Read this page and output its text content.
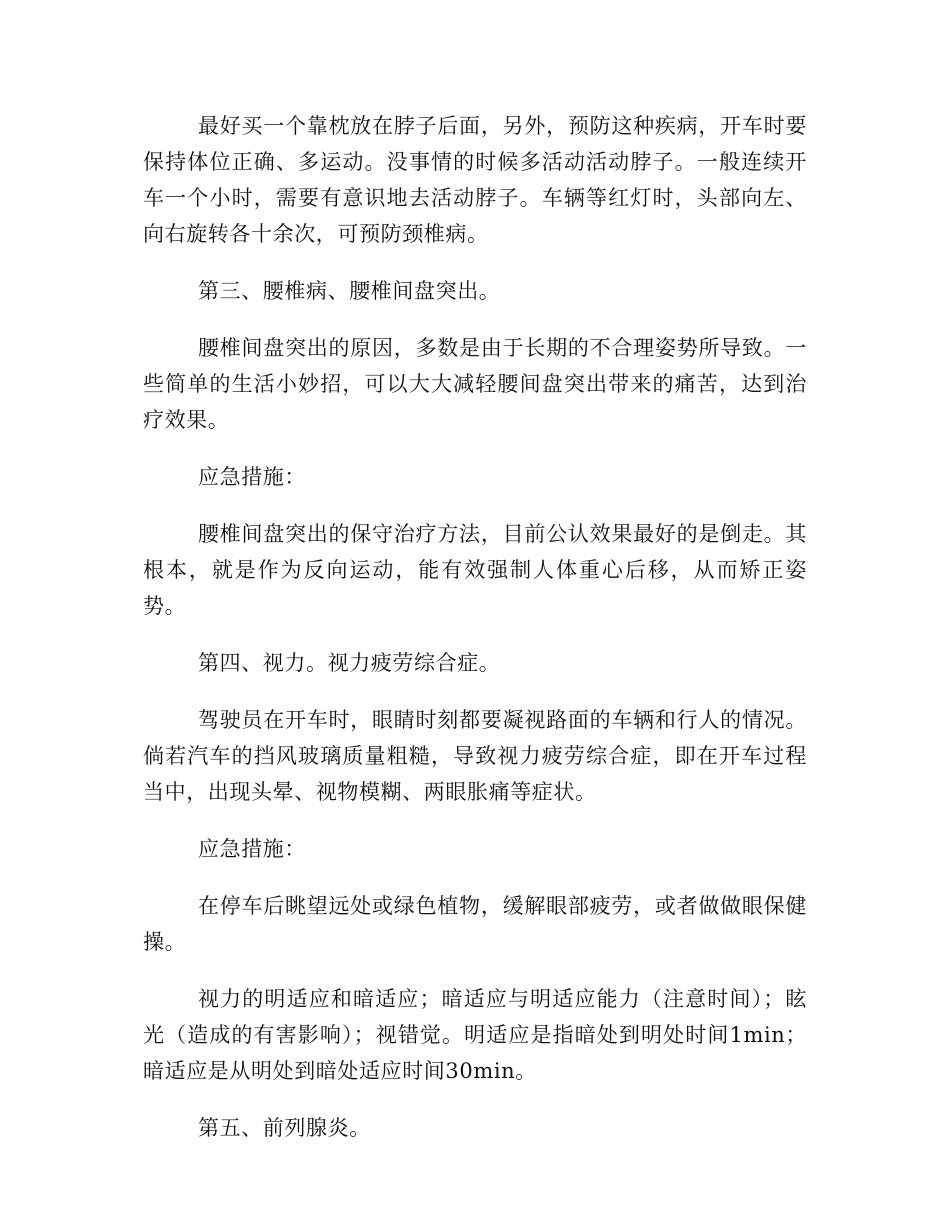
最好买一个靠枕放在脖子后面，另外，预防这种疾病，开车时要保持体位正确、多运动。没事情的时候多活动活动脖子。一般连续开车一个小时，需要有意识地去活动脖子。车辆等红灯时，头部向左、向右旋转各十余次，可预防颈椎病。

第三、腰椎病、腰椎间盘突出。

腰椎间盘突出的原因，多数是由于长期的不合理姿势所导致。一些简单的生活小妙招，可以大大减轻腰间盘突出带来的痛苦，达到治疗效果。

应急措施：

腰椎间盘突出的保守治疗方法，目前公认效果最好的是倒走。其根本，就是作为反向运动，能有效强制人体重心后移，从而矫正姿势。

第四、视力。视力疲劳综合症。

驾驶员在开车时，眼睛时刻都要凝视路面的车辆和行人的情况。倘若汽车的挡风玻璃质量粗糙，导致视力疲劳综合症，即在开车过程当中，出现头晕、视物模糊、两眼胀痛等症状。

应急措施：

在停车后眺望远处或绿色植物，缓解眼部疲劳，或者做做眼保健操。

视力的明适应和暗适应；暗适应与明适应能力（注意时间）；眩光（造成的有害影响）；视错觉。明适应是指暗处到明处时间1min；暗适应是从明处到暗处适应时间30min。

第五、前列腺炎。
